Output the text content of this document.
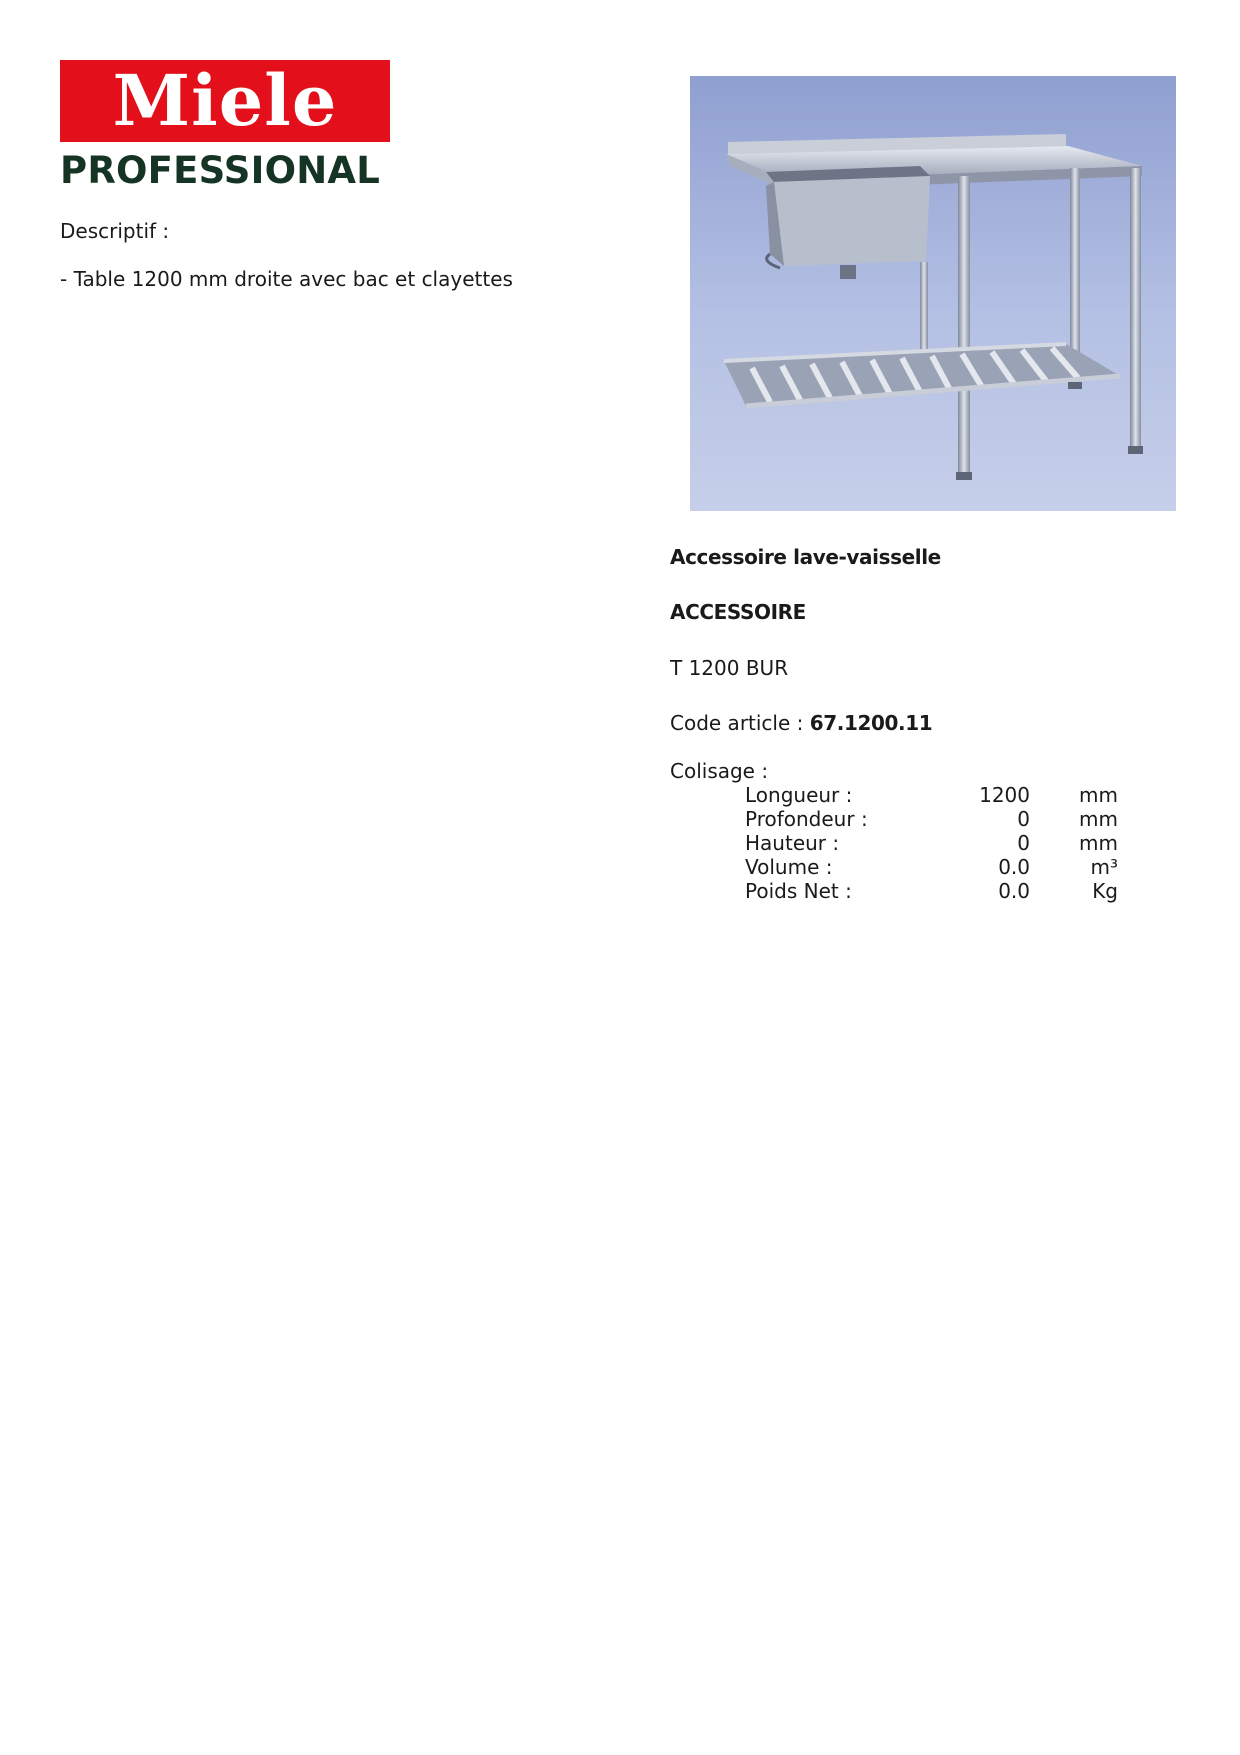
Miele
PROFESSIONAL
Descriptif :
- Table 1200 mm droite avec bac et clayettes
Accessoire lave-vaisselle
ACCESSOIRE
T 1200 BUR
Code article : 67.1200.11
Colisage :
Longueur :	1200 mm
Profondeur :	0 mm
Hauteur :	0 mm
Volume :	0.0	m³
Poids Net :	0.0	Kg
